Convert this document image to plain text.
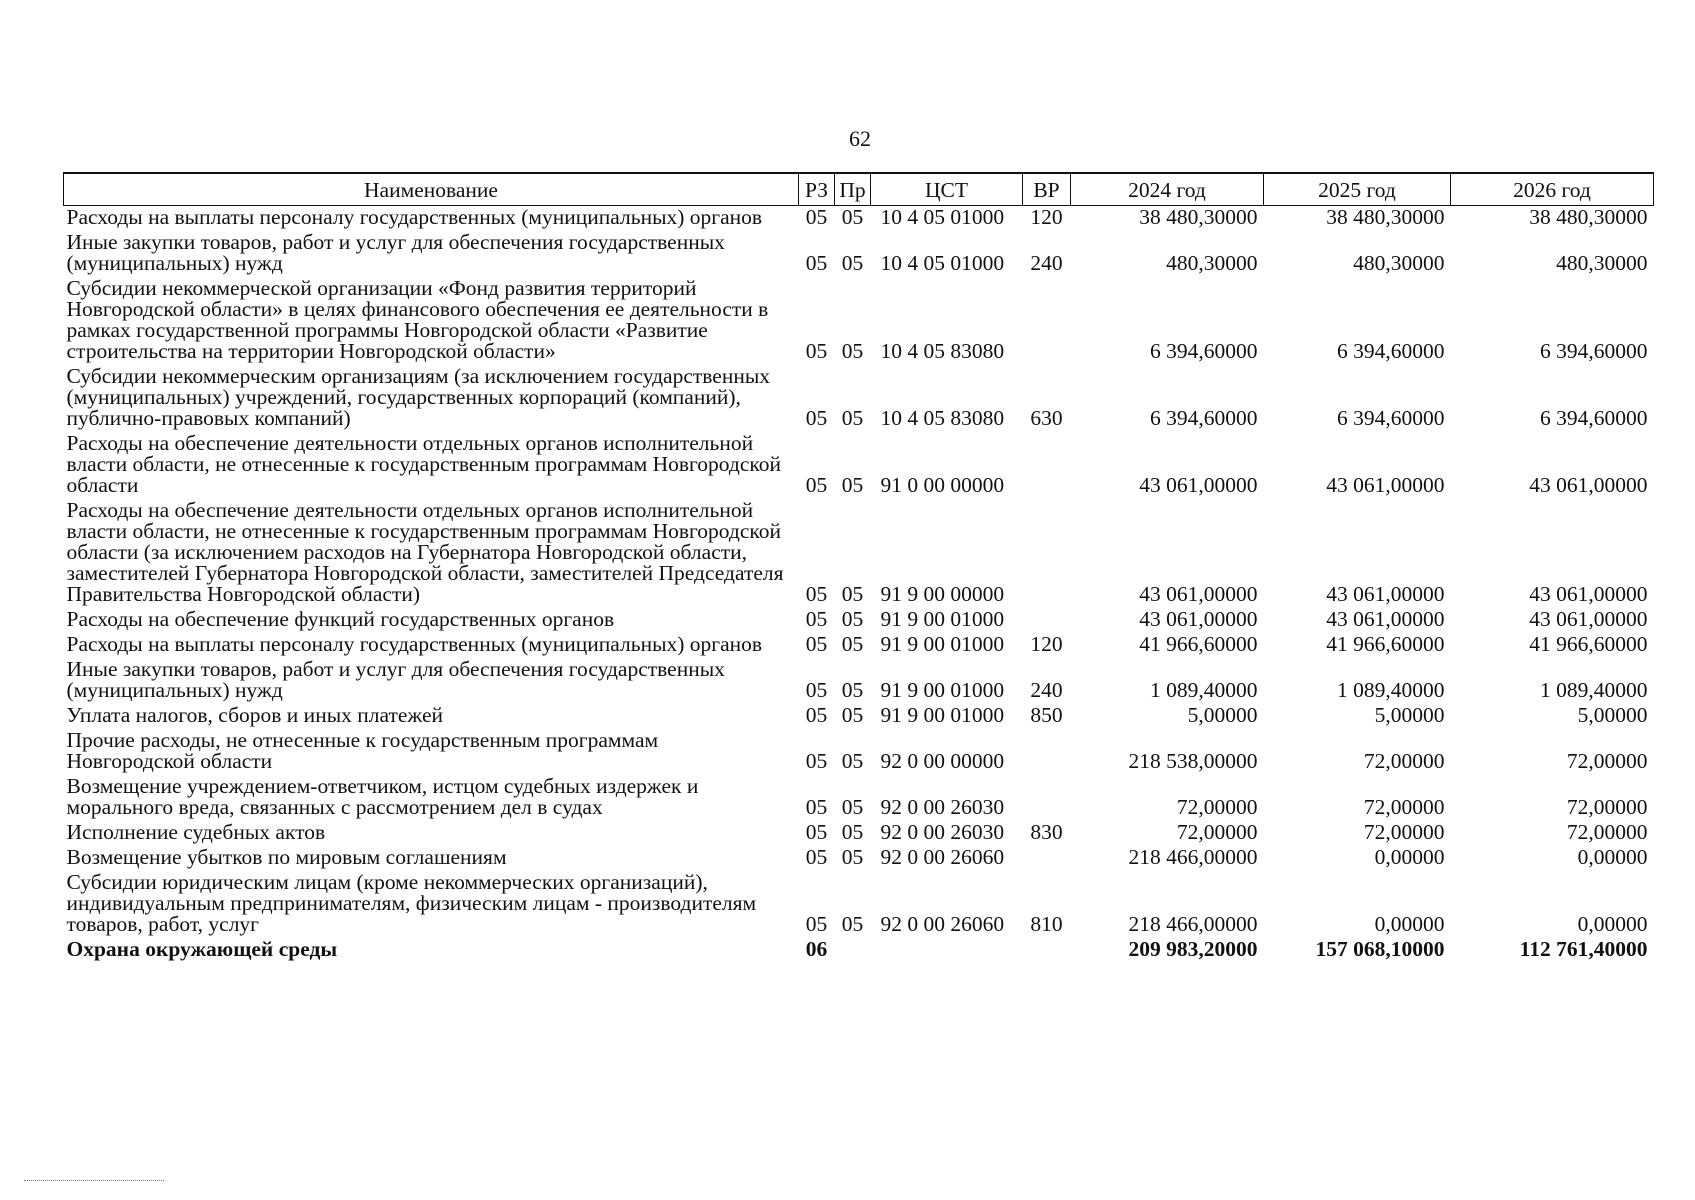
62
Наименование	РЗ	Пр	ЦСТ	ВР	2024 год	2025 год	2026 год
Расходы на выплаты персоналу государственных (муниципальных) органов	05	05	10 4 05 01000	120	38 480,30000	38 480,30000	38 480,30000
Иные закупки товаров, работ и услуг для обеспечения государственных (муниципальных) нужд	05	05	10 4 05 01000	240	480,30000	480,30000	480,30000
Субсидии некоммерческой организации «Фонд развития территорий Новгородской области» в целях финансового обеспечения ее деятельности в рамках государственной программы Новгородской области «Развитие строительства на территории Новгородской области»	05	05	10 4 05 83080		6 394,60000	6 394,60000	6 394,60000
Субсидии некоммерческим организациям (за исключением государственных (муниципальных) учреждений, государственных корпораций (компаний), публично-правовых компаний)	05	05	10 4 05 83080	630	6 394,60000	6 394,60000	6 394,60000
Расходы на обеспечение деятельности отдельных органов исполнительной власти области, не отнесенные к государственным программам Новгородской области	05	05	91 0 00 00000		43 061,00000	43 061,00000	43 061,00000
Расходы на обеспечение деятельности отдельных органов исполнительной власти области, не отнесенные к государственным программам Новгородской области (за исключением расходов на Губернатора Новгородской области, заместителей Губернатора Новгородской области, заместителей Председателя Правительства Новгородской области)	05	05	91 9 00 00000		43 061,00000	43 061,00000	43 061,00000
Расходы на обеспечение функций государственных органов	05	05	91 9 00 01000		43 061,00000	43 061,00000	43 061,00000
Расходы на выплаты персоналу государственных (муниципальных) органов	05	05	91 9 00 01000	120	41 966,60000	41 966,60000	41 966,60000
Иные закупки товаров, работ и услуг для обеспечения государственных (муниципальных) нужд	05	05	91 9 00 01000	240	1 089,40000	1 089,40000	1 089,40000
Уплата налогов, сборов и иных платежей	05	05	91 9 00 01000	850	5,00000	5,00000	5,00000
Прочие расходы, не отнесенные к государственным программам Новгородской области	05	05	92 0 00 00000		218 538,00000	72,00000	72,00000
Возмещение учреждением-ответчиком, истцом судебных издержек и морального вреда, связанных с рассмотрением дел в судах	05	05	92 0 00 26030		72,00000	72,00000	72,00000
Исполнение судебных актов	05	05	92 0 00 26030	830	72,00000	72,00000	72,00000
Возмещение убытков по мировым соглашениям	05	05	92 0 00 26060		218 466,00000	0,00000	0,00000
Субсидии юридическим лицам (кроме некоммерческих организаций), индивидуальным предпринимателям, физическим лицам - производителям товаров, работ, услуг	05	05	92 0 00 26060	810	218 466,00000	0,00000	0,00000
Охрана окружающей среды	06				209 983,20000	157 068,10000	112 761,40000
